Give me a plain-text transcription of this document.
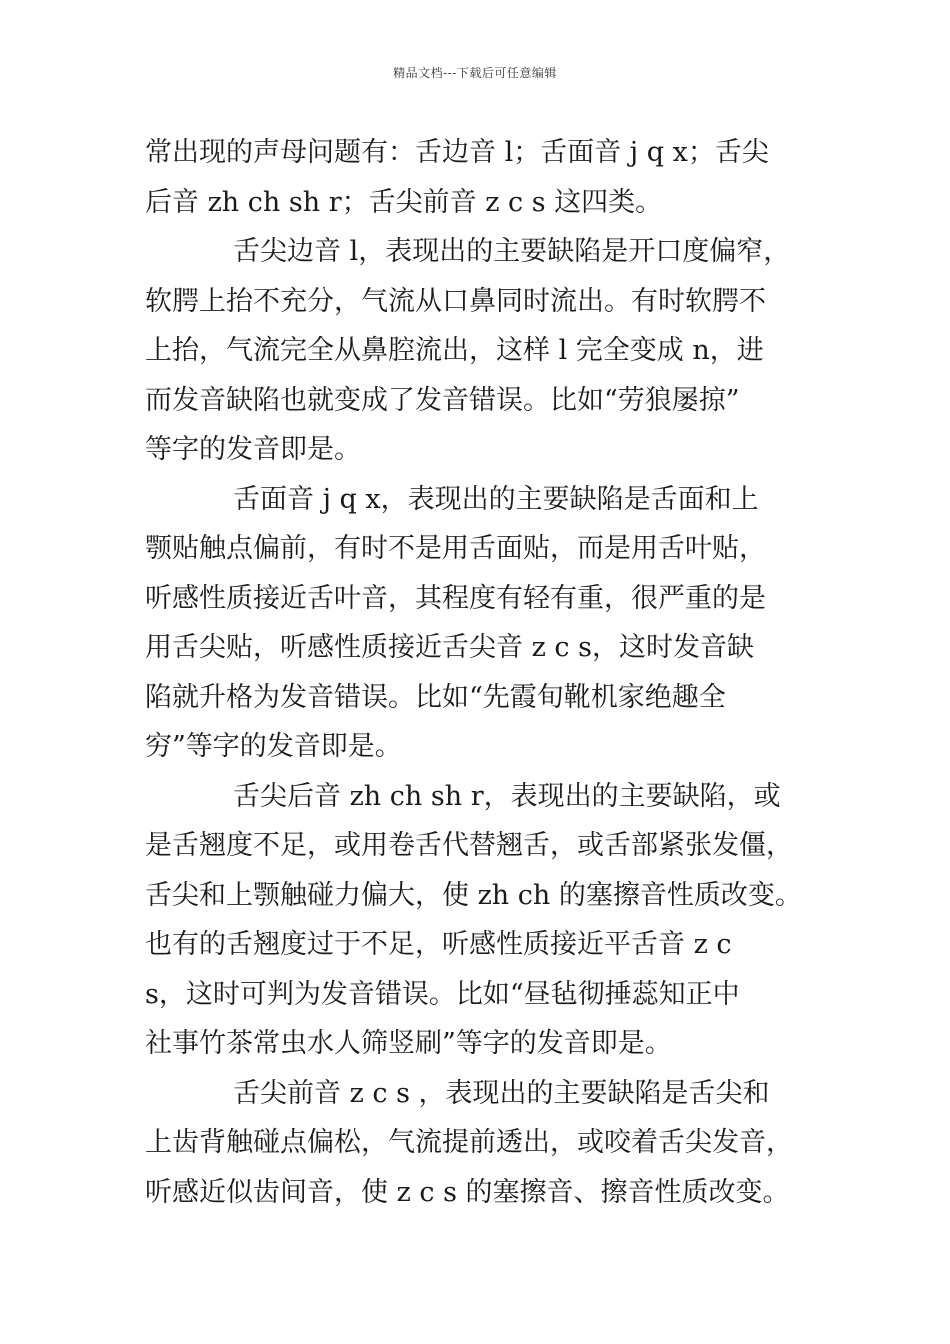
精品文档---下载后可任意编辑

常出现的声母问题有：舌边音 l；舌面音 j q x；舌尖
后音 zh ch sh r；舌尖前音 z c s 这四类。

舌尖边音 l，表现出的主要缺陷是开口度偏窄，
软腭上抬不充分，气流从口鼻同时流出。有时软腭不
上抬，气流完全从鼻腔流出，这样 l 完全变成 n，进
而发音缺陷也就变成了发音错误。比如“劳狼屡掠”
等字的发音即是。

舌面音 j q x，表现出的主要缺陷是舌面和上
颚贴触点偏前，有时不是用舌面贴，而是用舌叶贴，
听感性质接近舌叶音，其程度有轻有重，很严重的是
用舌尖贴，听感性质接近舌尖音 z c s，这时发音缺
陷就升格为发音错误。比如“先霞旬靴机家绝趣全
穷”等字的发音即是。

舌尖后音 zh ch sh r，表现出的主要缺陷，或
是舌翘度不足，或用卷舌代替翘舌，或舌部紧张发僵，
舌尖和上颚触碰力偏大，使 zh ch 的塞擦音性质改变。
也有的舌翘度过于不足，听感性质接近平舌音 z c
s，这时可判为发音错误。比如“昼毡彻捶蕊知正中
社事竹茶常虫水人筛竖刷”等字的发音即是。

舌尖前音 z c s ，表现出的主要缺陷是舌尖和
上齿背触碰点偏松，气流提前透出，或咬着舌尖发音，
听感近似齿间音，使 z c s 的塞擦音、擦音性质改变。
